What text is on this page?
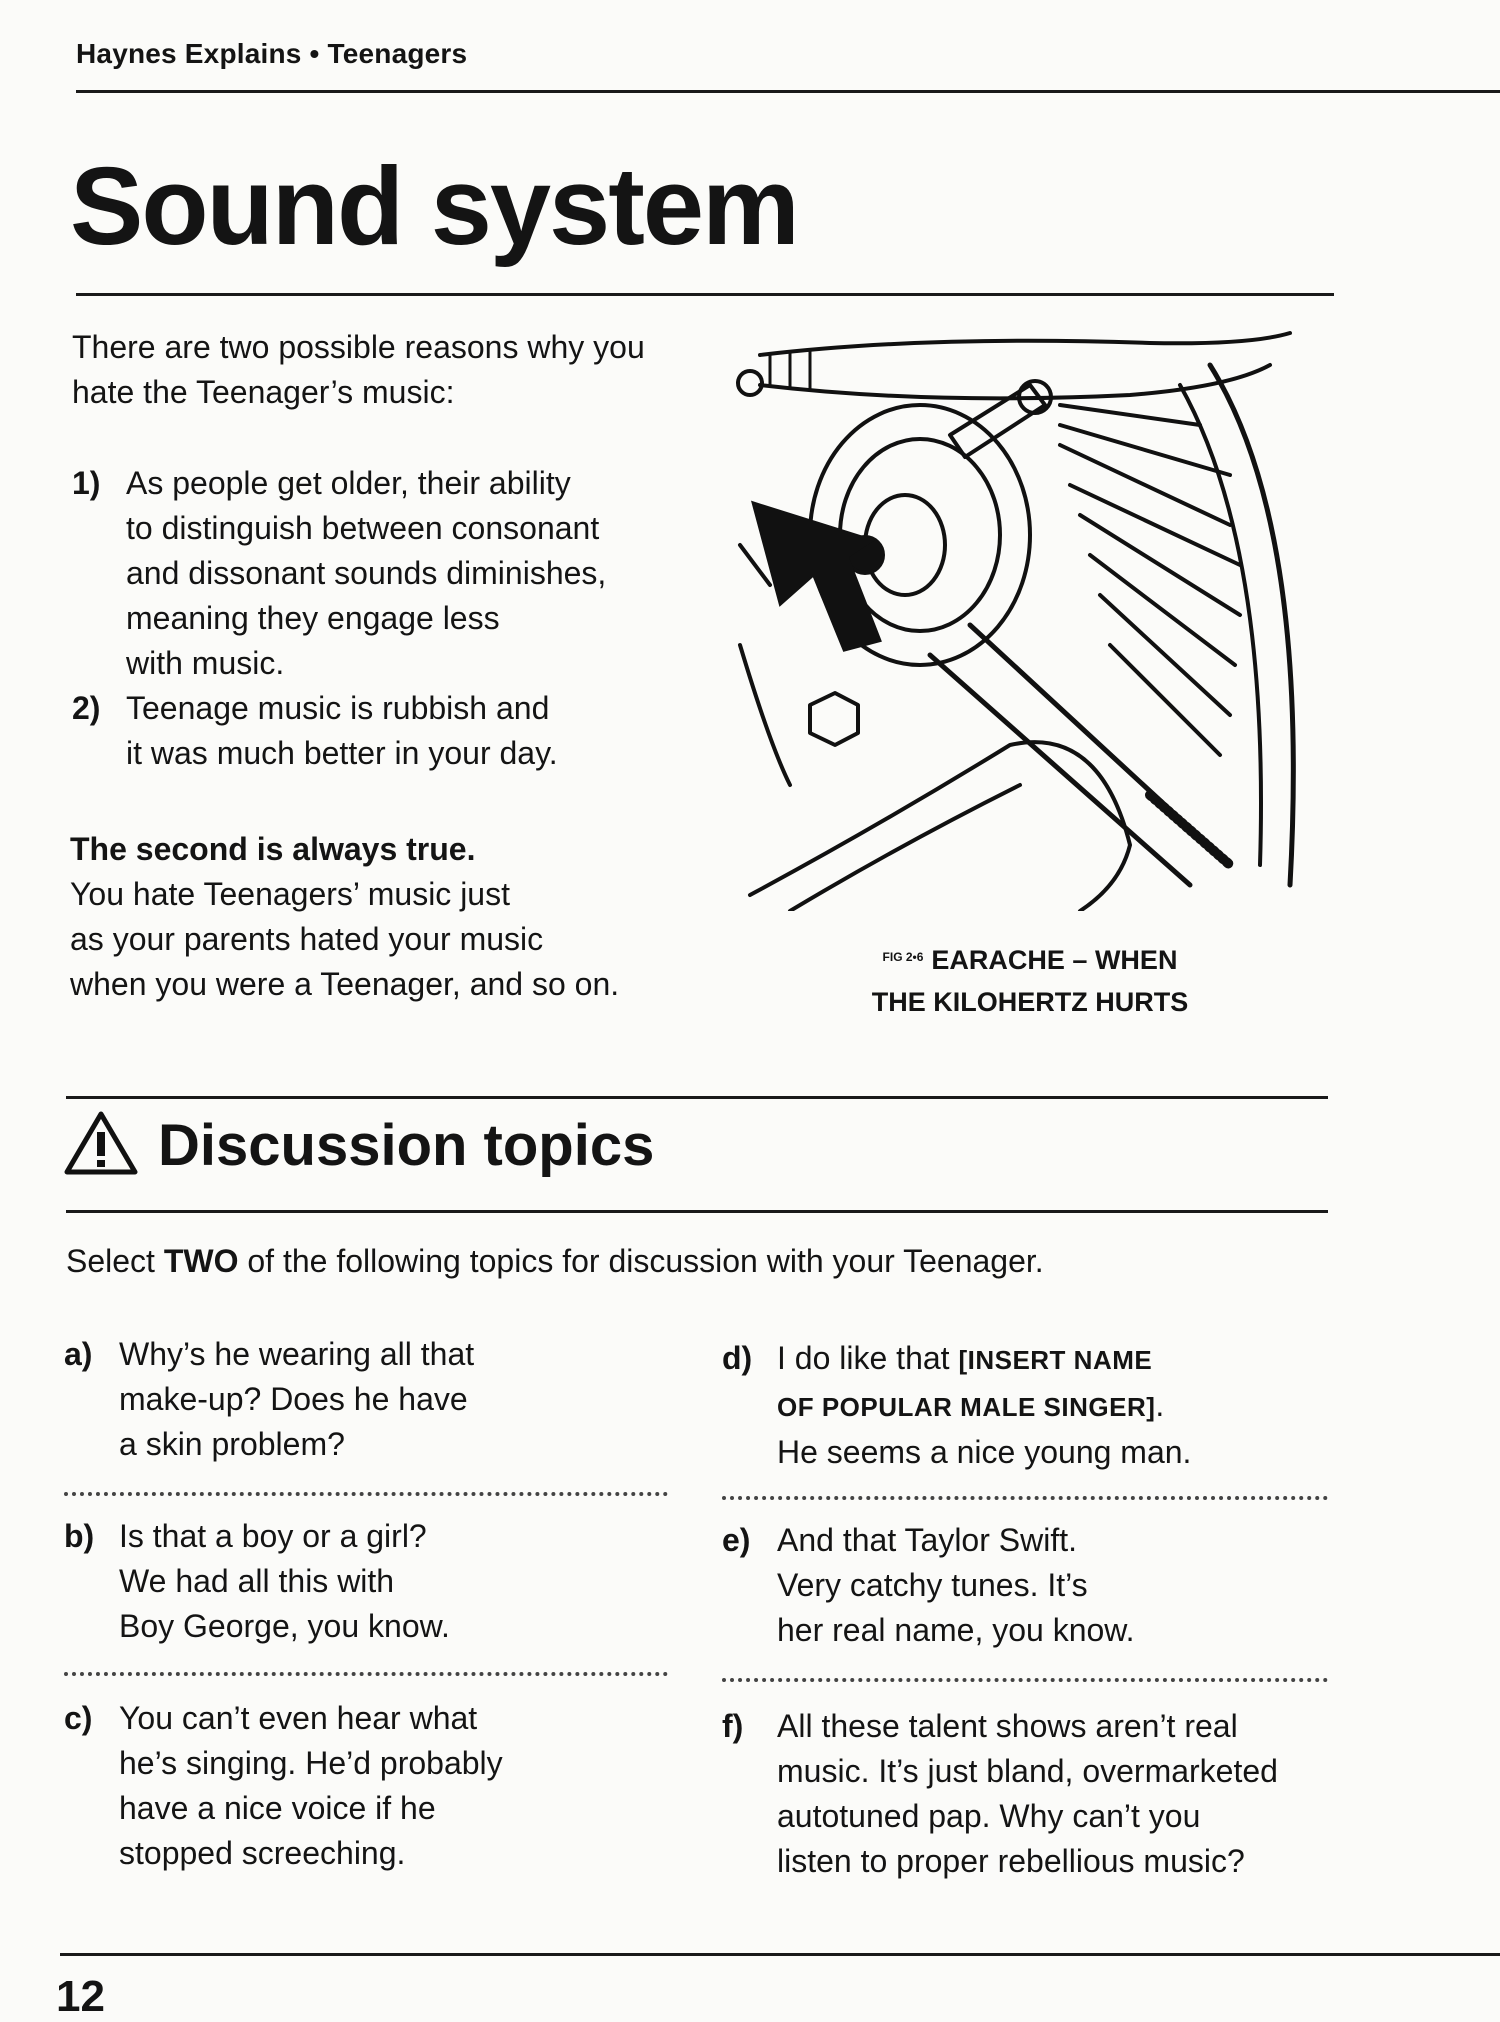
Haynes Explains • Teenagers
Sound system
There are two possible reasons why you hate the Teenager’s music:
1) As people get older, their ability
to distinguish between consonant
and dissonant sounds diminishes,
meaning they engage less
with music.
2) Teenage music is rubbish and
it was much better in your day.
The second is always true.
You hate Teenagers’ music just
as your parents hated your music
when you were a Teenager, and so on.
$^{FIG 2•6}$ EARACHE – WHEN
THE KILOHERTZ HURTS
Discussion topics
Select TWO of the following topics for discussion with your Teenager.
a) Why’s he wearing all that
make-up? Does he have
a skin problem?
b) Is that a boy or a girl?
We had all this with
Boy George, you know.
c) You can’t even hear what
he’s singing. He’d probably
have a nice voice if he
stopped screeching.
d) I do like that [INSERT NAME
OF POPULAR MALE SINGER].
He seems a nice young man.
e) And that Taylor Swift.
Very catchy tunes. It’s
her real name, you know.
f)	All these talent shows aren’t real
music. It’s just bland, overmarketed
autotuned pap. Why can’t you
listen to proper rebellious music?
12
